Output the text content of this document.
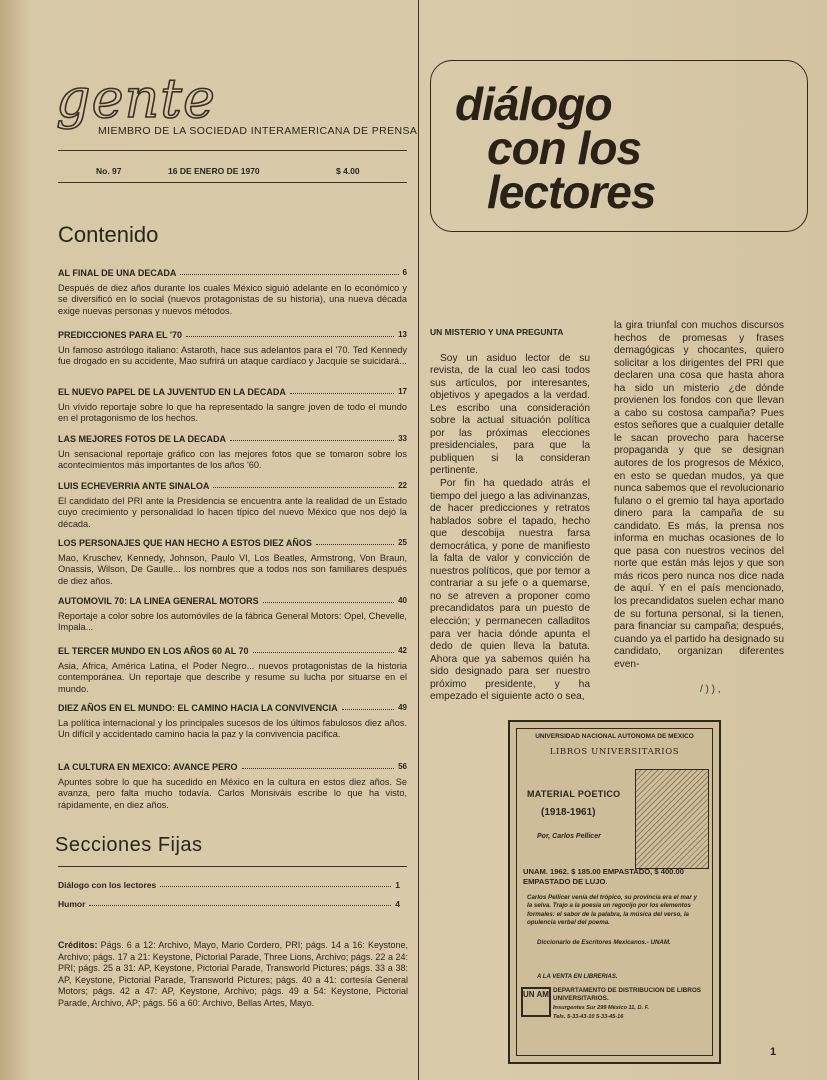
gente
MIEMBRO DE LA SOCIEDAD INTERAMERICANA DE PRENSA
No. 97	16 DE ENERO DE 1970	$ 4.00
Contenido
AL FINAL DE UNA DECADA	6
Después de diez años durante los cuales México siguió adelante en lo económico y se diversificó en lo social (nuevos protagonistas de su historia), una nueva década exige nuevas personas y nuevos métodos.
PREDICCIONES PARA EL '70	13
Un famoso astrólogo italiano: Astaroth, hace sus adelantos para el '70. Ted Kennedy fue drogado en su accidente, Mao sufrirá un ataque cardíaco y Jacquie se suicidará...
EL NUEVO PAPEL DE LA JUVENTUD EN LA DECADA	17
Un vívido reportaje sobre lo que ha representado la sangre joven de todo el mundo en el protagonismo de los hechos.
LAS MEJORES FOTOS DE LA DECADA	33
Un sensacional reportaje gráfico con las mejores fotos que se tomaron sobre los acontecimientos más importantes de los años '60.
LUIS ECHEVERRIA ANTE SINALOA	22
El candidato del PRI ante la Presidencia se encuentra ante la realidad de un Estado cuyo crecimiento y personalidad lo hacen típico del nuevo México que nos dejó la década.
LOS PERSONAJES QUE HAN HECHO A ESTOS DIEZ AÑOS	25
Mao, Kruschev, Kennedy, Johnson, Paulo VI, Los Beatles, Armstrong, Von Braun, Onassis, Wilson, De Gaulle... los nombres que a todos nos son familiares después de diez años.
AUTOMOVIL 70: LA LINEA GENERAL MOTORS	40
Reportaje a color sobre los automóviles de la fábrica General Motors: Opel, Chevelle, Impala...
EL TERCER MUNDO EN LOS AÑOS 60 AL 70	42
Asia, Africa, América Latina, el Poder Negro... nuevos protagonistas de la historia contemporánea. Un reportaje que describe y resume su lucha por situarse en el mundo.
DIEZ AÑOS EN EL MUNDO: EL CAMINO HACIA LA CONVIVENCIA	49
La política internacional y los principales sucesos de los últimos fabulosos diez años. Un difícil y accidentado camino hacia la paz y la convivencia pacífica.
LA CULTURA EN MEXICO: AVANCE PERO	56
Apuntes sobre lo que ha sucedido en México en la cultura en estos diez años. Se avanza, pero falta mucho todavía. Carlos Monsiváis escribe lo que ha visto, rápidamente, en diez años.
Secciones Fijas
Diálogo con los lectores	1
Humor	4
Créditos: Págs. 6 a 12: Archivo, Mayo, Mario Cordero, PRI; págs. 14 a 16: Keystone, Archivo; págs. 17 a 21: Keystone, Pictorial Parade, Three Lions, Archivo; págs. 22 a 24: PRI; págs. 25 a 31: AP, Keystone, Pictorial Parade, Transworld Pictures; págs. 33 a 38: AP, Keystone, Pictorial Parade, Transworld Pictures; págs. 40 a 41: cortesía General Motors; págs. 42 a 47: AP, Keystone, Archivo; págs. 49 a 54: Keystone, Pictorial Parade, Archivo, AP; págs. 56 a 60: Archivo, Bellas Artes, Mayo.
diálogo
con los
lectores
UN MISTERIO Y UNA PREGUNTA

Soy un asiduo lector de su revista, de la cual leo casi todos sus artículos, por interesantes, objetivos y apegados a la verdad. Les escribo una consideración sobre la actual situación política por las próximas elecciones presidenciales, para que la publiquen si la consideran pertinente.

Por fin ha quedado atrás el tiempo del juego a las adivinanzas, de hacer predicciones y retratos hablados sobre el tapado, hecho que descobija nuestra farsa democrática, y pone de manifiesto la falta de valor y convicción de nuestros políticos, que por temor a contrariar a su jefe o a quemarse, no se atreven a proponer como precandidatos para un puesto de elección; y permanecen calladitos para ver hacia dónde apunta el dedo de quien lleva la batuta. Ahora que ya sabemos quién ha sido designado para ser nuestro próximo presidente, y ha empezado el siguiente acto o sea,

la gira triunfal con muchos discursos hechos de promesas y frases demagógicas y chocantes, quiero solicitar a los dirigentes del PRI que declaren una cosa que hasta ahora ha sido un misterio ¿de dónde provienen los fondos con que llevan a cabo su costosa campaña? Pues estos señores que a cualquier detalle le sacan provecho para hacerse propaganda y que se designan autores de los progresos de México, en esto se quedan mudos, ya que nunca sabemos que el revolucionario fulano o el gremio tal haya aportado dinero para la campaña de su candidato. Es más, la prensa nos informa en muchas ocasiones de lo que pasa con nuestros vecinos del norte que están más lejos y que son más ricos pero nunca nos dice nada de aquí. Y en el país mencionado, los precandidatos suelen echar mano de su fortuna personal, si la tienen, para financiar su campaña; después, cuando ya el partido ha designado su candidato, organizan diferentes even-

/ ) ) ,
UNIVERSIDAD NACIONAL AUTONOMA DE MEXICO
LIBROS UNIVERSITARIOS
MATERIAL POETICO
(1918-1961)
Por, Carlos Pellicer
UNAM. 1962. $ 185.00 EMPASTADO, $ 400.00 EMPASTADO DE LUJO.
Carlos Pellicer venía del trópico, su provincia era el mar y la selva. Trajo a la poesía un regocijo por los elementos formales: el sabor de la palabra, la música del verso, la opulencia verbal del poema.
Diccionario de Escritores Mexicanos.- UNAM.
A LA VENTA EN LIBRERIAS.
UN AM DEPARTAMENTO DE DISTRIBUCION DE LIBROS UNIVERSITARIOS.
Insurgentes Sur 299 México 11, D. F.
Tels. 5-33-43-10 5-33-45-16
1
